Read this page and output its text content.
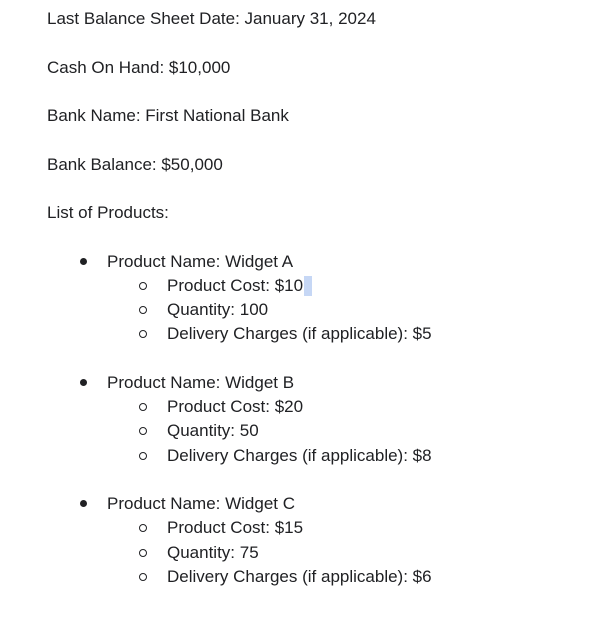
Last Balance Sheet Date: January 31, 2024
Cash On Hand: $10,000
Bank Name: First National Bank
Bank Balance: $50,000
List of Products:
Product Name: Widget A
Product Cost: $10
Quantity: 100
Delivery Charges (if applicable): $5
Product Name: Widget B
Product Cost: $20
Quantity: 50
Delivery Charges (if applicable): $8
Product Name: Widget C
Product Cost: $15
Quantity: 75
Delivery Charges (if applicable): $6
